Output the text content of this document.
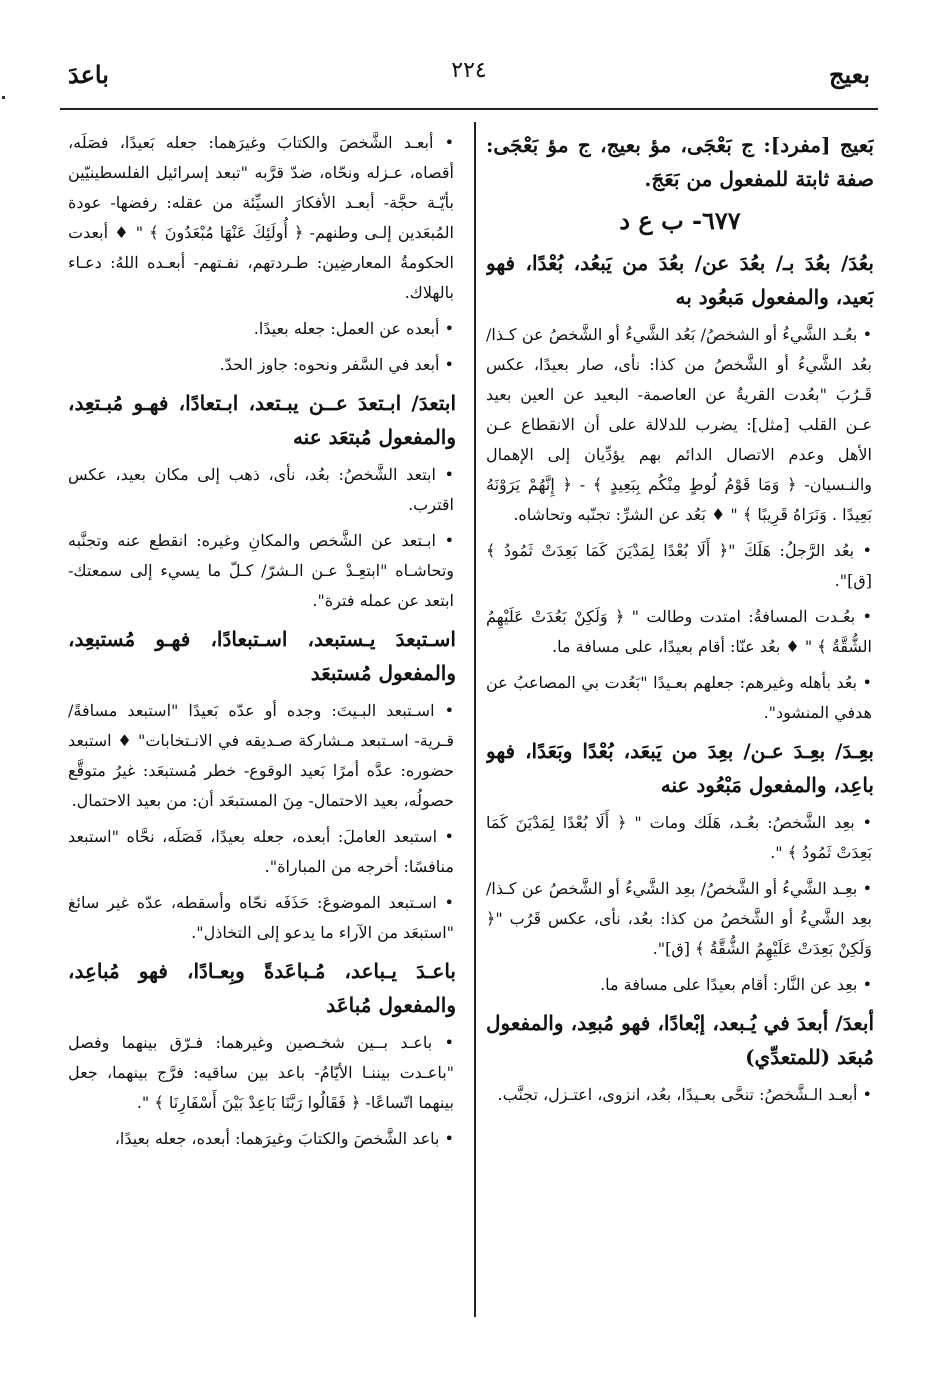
بعيج
٢٢٤
باعدَ

بَعيج [مفرد]: ج بَعْجَى، مؤ بعيج، ج مؤ بَعْجَى: صفة ثابتة للمفعول من بَعَجَ.

٦٧٧- ب ع د

بعُدَ/ بعُدَ بـ/ بعُدَ عن/ بعُدَ من يَبعُد، بُعْدًا، فهو بَعيد، والمفعول مَبعُود به

• بعُـد الشَّيءُ أو الشخصُ/ بَعُد الشَّيءُ أو الشَّخصُ عن كـذا/ بعُد الشَّيءُ أو الشَّخصُ من كذا: نأى، صار بعيدًا، عكس قَـرُبَ "بعُدت القريةُ عن العاصمة- البعيد عن العين بعيد عـن القلب [مثل]: يضرب للدلالة على أن الانقطاع عـن الأهل وعدم الاتصال الدائم بهم يؤدِّيان إلى الإهمال والنـسيان- ﴿ وَمَا قَوْمُ لُوطٍ مِنْكُم بِبَعِيدٍ ﴾ - ﴿ إِنَّهُمْ يَرَوْنَهُ بَعِيدًا . وَنَرَاهُ قَرِيبًا ﴾ " ♦ بَعُد عن الشرِّ: تجنّبه وتحاشاه.

• بعُد الرَّجلُ: هَلَكَ "﴿ أَلَا بُعْدًا لِمَدْيَنَ كَمَا بَعِدَتْ ثَمُودُ ﴾ [ق]".

• بعُـدت المسافةُ: امتدت وطالت " ﴿ وَلَكِنْ بَعُدَتْ عَلَيْهِمُ الشُّقَّةُ ﴾ " ♦ بعُد عنّا: أقام بعيدًا، على مسافة ما.

• بعُد بأهله وغيرهم: جعلهم بعـيدًا "بَعُدت بي المصاعبُ عن هدفي المنشود".

بعِـدَ/ بعِـدَ عـن/ بعِدَ من يَبعَد، بُعْدًا وبَعَدًا، فهو باعِد، والمفعول مَبْعُود عنه

• بعِد الشَّخصُ: بعُـد، هَلَك ومات " ﴿ أَلَا بُعْدًا لِمَدْيَنَ كَمَا بَعِدَتْ ثَمُودُ ﴾ ".

• بعِـد الشَّيءُ أو الشَّخصُ/ بعِد الشَّيءُ أو الشَّخصُ عن كـذا/ بعِد الشَّيءُ أو الشَّخصُ من كذا: بعُد، نأى، عكس قَرُب "﴿ وَلَكِنْ بَعِدَتْ عَلَيْهِمُ الشُّقَّةُ ﴾ [ق]".

• بعِد عن النَّار: أقام بعيدًا على مسافة ما.

أبعدَ/ أبعدَ في يُـبعد، إبْعادًا، فهو مُبعِد، والمفعول مُبعَد (للمتعدِّي)

• أبعـد الـشَّخصُ: تنحَّى بعـيدًا، بعُد، انزوى، اعتـزل، تجنَّب.

• أبعـد الشَّخصَ والكتابَ وغيرَهما: جعله بَعيدًا، فصَلَه، أقصاه، عـزله ونحّاه، ضدّ قرَّبه "تبعد إسرائيل الفلسطينيّين بأيّـة حجَّة- أبعـد الأفكارَ السيِّئة من عقله: رفضها- عودة المُبعَدين إلـى وطنهم- ﴿ أُولَئِكَ عَنْهَا مُبْعَدُونَ ﴾ " ♦ أبعدت الحكومةُ المعارضِين: طـردتهم، نفـتهم- أبعـده اللهُ: دعـاء بالهلاك.

• أبعده عن العمل: جعله بعيدًا.

• أبعد في السَّفر ونحوه: جاوز الحدّ.

ابتعدَ/ ابـتعدَ عــن يبـتعد، ابـتعادًا، فهـو مُبـتعِد، والمفعول مُبتعَد عنه

• ابتعد الشَّخصُ: بعُد، نأى، ذهب إلى مكان بعيد، عكس اقترب.

• ابـتعد عن الشَّخص والمكانِ وغيره: انقطع عنه وتجنَّبه وتحاشـاه "ابتعِـدْ عـن الـشرّ/ كـلّ ما يسيء إلى سمعتك- ابتعد عن عمله فترة".

اسـتبعدَ يـستبعد، اسـتبعادًا، فهـو مُستبعِد، والمفعول مُستبعَد

• اسـتبعد البـيتَ: وجده أو عدّه بَعيدًا "استبعد مسافةً/ قـرية- اسـتبعد مـشاركة صـديقه في الانـتخابات" ♦ استبعد حضوره: عدَّه أمرًا بَعيد الوقوع- خطر مُستبعَد: غيرُ متوقَّع حصولُه، بعيد الاحتمال- مِنَ المستبعَد أن: من بعيد الاحتمال.

• استبعد العاملَ: أبعده، جعله بعيدًا، فَصَلَه، نحَّاه "استبعد منافسًا: أخرجه من المباراة".

• اسـتبعد الموضوعَ: حَذَفَه نحّاه وأسقطه، عدّه غير سائغ "استبعَد من الآراء ما يدعو إلى التخاذل".

باعـدَ يـباعد، مُـباعَدةً وبِعـادًا، فهو مُباعِد، والمفعول مُباعَد

• باعـد بــين شخـصين وغيرهما: فـرّق بينهما وفصل "باعـدت بيننـا الأيّامُ- باعد بين ساقيه: فرَّج بينهما، جعل بينهما اتّساعًا- ﴿ فَقَالُوا رَبَّنَا بَاعِدْ بَيْنَ أَسْفَارِنَا ﴾ ".

• باعد الشَّخصَ والكتابَ وغيرَهما: أبعده، جعله بعيدًا،
